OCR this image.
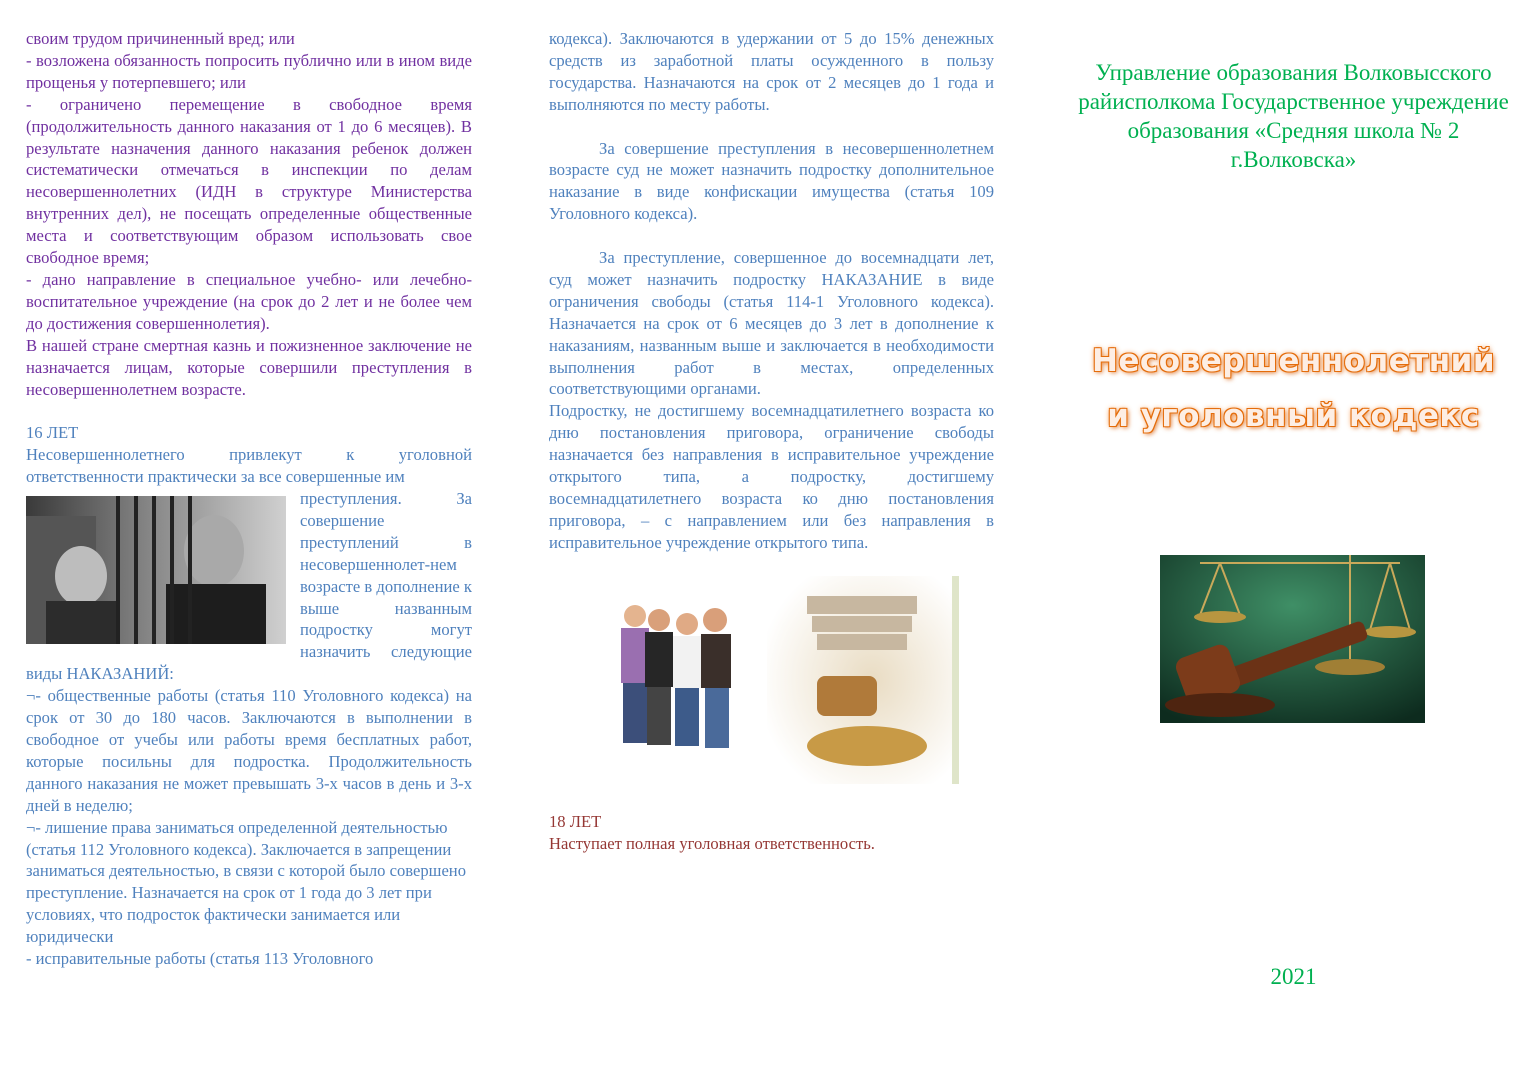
своим трудом причиненный вред; или

- возложена обязанность попросить публично или в ином виде прощенья у потерпевшего; или

- ограничено перемещение в свободное время (продолжительность данного наказания от 1 до 6 месяцев). В результате назначения данного наказания ребенок должен систематически отмечаться в инспекции по делам несовершеннолетних (ИДН в структуре Министерства внутренних дел), не посещать определенные общественные места и соответствующим образом использовать свое свободное время;

- дано направление в специальное учебно- или лечебно-воспитательное учреждение (на срок до 2 лет и не более чем до достижения совершеннолетия).

В нашей стране смертная казнь и пожизненное заключение не назначается лицам, которые совершили преступления в несовершеннолетнем возрасте.

16 ЛЕТ

Несовершеннолетнего привлекут к уголовной ответственности практически за все совершенные им

преступления. За совершение преступлений в несовершеннолет-нем возрасте в дополнение к выше названным подростку могут назначить следующие виды НАКАЗАНИЙ:

¬- общественные работы (статья 110 Уголовного кодекса) на срок от 30 до 180 часов. Заключаются в выполнении в свободное от учебы или работы время бесплатных работ, которые посильны для подростка. Продолжительность данного наказания не может превышать 3-х часов в день и 3-х дней в неделю;

¬- лишение права заниматься определенной деятельностью (статья 112 Уголовного кодекса). Заключается в запрещении заниматься деятельностью, в связи с которой было совершено преступление. Назначается на срок от 1 года до 3 лет при условиях, что подросток фактически занимается или юридически

- исправительные работы (статья 113 Уголовного

кодекса). Заключаются в удержании от 5 до 15% денежных средств из заработной платы осужденного в пользу государства. Назначаются на срок от 2 месяцев до 1 года и выполняются по месту работы.

За совершение преступления в несовершеннолетнем возрасте суд не может назначить подростку дополнительное наказание в виде конфискации имущества (статья 109 Уголовного кодекса).

За преступление, совершенное до восемнадцати лет, суд может назначить подростку НАКАЗАНИЕ в виде ограничения свободы (статья 114-1 Уголовного кодекса). Назначается на срок от 6 месяцев до 3 лет в дополнение к наказаниям, названным выше и заключается в необходимости выполнения работ в местах, определенных соответствующими органами.

Подростку, не достигшему восемнадцатилетнего возраста ко дню постановления приговора, ограничение свободы назначается без направления в исправительное учреждение открытого типа, а подростку, достигшему восемнадцатилетнего возраста ко дню постановления приговора, – с направлением или без направления в исправительное учреждение открытого типа.

18 ЛЕТ

Наступает полная уголовная ответственность.

Управление образования Волковысского райисполкома Государственное учреждение образования «Средняя школа № 2 г.Волковска»

Несовершеннолетний
и уголовный кодекс
2021
